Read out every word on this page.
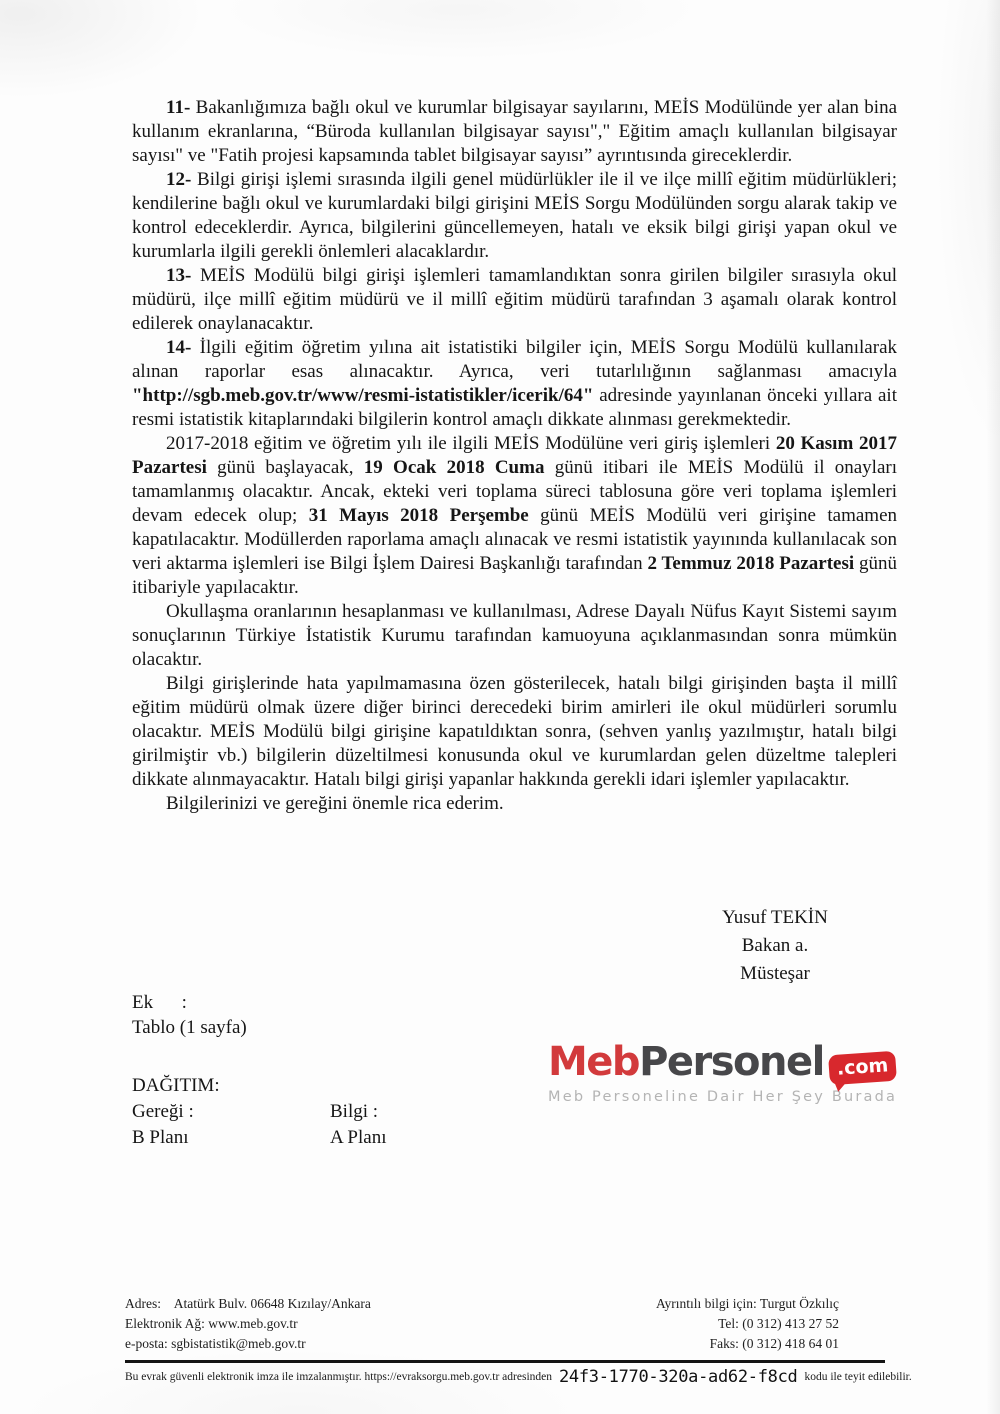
11- Bakanlığımıza bağlı okul ve kurumlar bilgisayar sayılarını, MEİS Modülünde yer alan bina kullanım ekranlarına, “Büroda kullanılan bilgisayar sayısı"," Eğitim amaçlı kullanılan bilgisayar sayısı" ve "Fatih projesi kapsamında tablet bilgisayar sayısı” ayrıntısında gireceklerdir.

12- Bilgi girişi işlemi sırasında ilgili genel müdürlükler ile il ve ilçe millî eğitim müdürlükleri; kendilerine bağlı okul ve kurumlardaki bilgi girişini MEİS Sorgu Modülünden sorgu alarak takip ve kontrol edeceklerdir. Ayrıca, bilgilerini güncellemeyen, hatalı ve eksik bilgi girişi yapan okul ve kurumlarla ilgili gerekli önlemleri alacaklardır.

13- MEİS Modülü bilgi girişi işlemleri tamamlandıktan sonra girilen bilgiler sırasıyla okul müdürü, ilçe millî eğitim müdürü ve il millî eğitim müdürü tarafından 3 aşamalı olarak kontrol edilerek onaylanacaktır.

14- İlgili eğitim öğretim yılına ait istatistiki bilgiler için, MEİS Sorgu Modülü kullanılarak alınan raporlar esas alınacaktır. Ayrıca, veri tutarlılığının sağlanması amacıyla "http://sgb.meb.gov.tr/www/resmi-istatistikler/icerik/64" adresinde yayınlanan önceki yıllara ait resmi istatistik kitaplarındaki bilgilerin kontrol amaçlı dikkate alınması gerekmektedir.

2017-2018 eğitim ve öğretim yılı ile ilgili MEİS Modülüne veri giriş işlemleri 20 Kasım 2017 Pazartesi günü başlayacak, 19 Ocak 2018 Cuma günü itibari ile MEİS Modülü il onayları tamamlanmış olacaktır. Ancak, ekteki veri toplama süreci tablosuna göre veri toplama işlemleri devam edecek olup; 31 Mayıs 2018 Perşembe günü MEİS Modülü veri girişine tamamen kapatılacaktır. Modüllerden raporlama amaçlı alınacak ve resmi istatistik yayınında kullanılacak son veri aktarma işlemleri ise Bilgi İşlem Dairesi Başkanlığı tarafından 2 Temmuz 2018 Pazartesi günü itibariyle yapılacaktır.

Okullaşma oranlarının hesaplanması ve kullanılması, Adrese Dayalı Nüfus Kayıt Sistemi sayım sonuçlarının Türkiye İstatistik Kurumu tarafından kamuoyuna açıklanmasından sonra mümkün olacaktır.

Bilgi girişlerinde hata yapılmamasına özen gösterilecek, hatalı bilgi girişinden başta il millî eğitim müdürü olmak üzere diğer birinci derecedeki birim amirleri ile okul müdürleri sorumlu olacaktır. MEİS Modülü bilgi girişine kapatıldıktan sonra, (sehven yanlış yazılmıştır, hatalı bilgi girilmiştir vb.) bilgilerin düzeltilmesi konusunda okul ve kurumlardan gelen düzeltme talepleri dikkate alınmayacaktır. Hatalı bilgi girişi yapanlar hakkında gerekli idari işlemler yapılacaktır.

Bilgilerinizi ve gereğini önemle rica ederim.

Yusuf TEKİN
Bakan a.
Müsteşar
Ek      :
Tablo (1 sayfa)
DAĞITIM:
Gereği :	Bilgi :
B Planı	A Planı
Meb Personel .com
Meb Personeline Dair Her Şey Burada
Adres:    Atatürk Bulv. 06648 Kızılay/Ankara
Elektronik Ağ: www.meb.gov.tr
e-posta: sgbistatistik@meb.gov.tr
Ayrıntılı bilgi için: Turgut Özkılıç
Tel: (0 312) 413 27 52
Faks: (0 312) 418 64 01
Bu evrak güvenli elektronik imza ile imzalanmıştır. https://evraksorgu.meb.gov.tr adresinden 24f3-1770-320a-ad62-f8cd kodu ile teyit edilebilir.
